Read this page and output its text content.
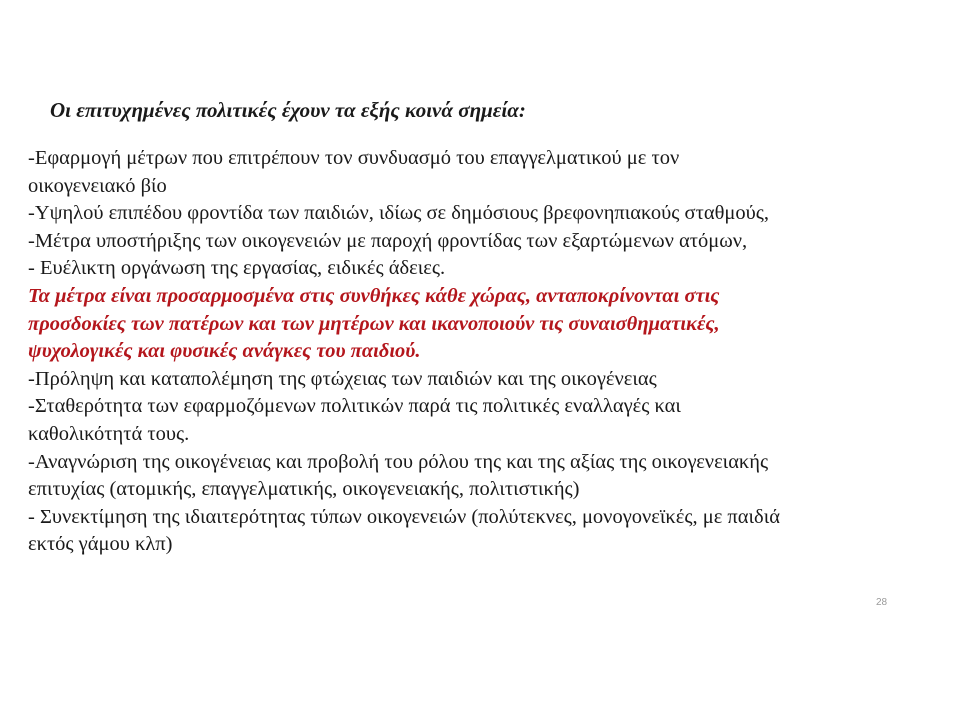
Οι επιτυχημένες πολιτικές έχουν τα εξής κοινά σημεία:
-Εφαρμογή μέτρων που επιτρέπουν τον συνδυασμό του επαγγελματικού με τον
οικογενειακό βίο
-Υψηλού επιπέδου φροντίδα των παιδιών, ιδίως σε δημόσιους βρεφονηπιακούς σταθμούς,
-Μέτρα υποστήριξης των οικογενειών με παροχή φροντίδας των εξαρτώμενων ατόμων,
- Ευέλικτη οργάνωση της εργασίας, ειδικές άδειες.
Τα μέτρα είναι προσαρμοσμένα στις συνθήκες κάθε χώρας, ανταποκρίνονται στις
προσδοκίες των πατέρων και των μητέρων και ικανοποιούν τις συναισθηματικές,
ψυχολογικές και φυσικές ανάγκες του παιδιού.
-Πρόληψη και καταπολέμηση της φτώχειας των παιδιών και της οικογένειας
-Σταθερότητα των εφαρμοζόμενων πολιτικών παρά τις πολιτικές εναλλαγές και
καθολικότητά τους.
-Αναγνώριση της οικογένειας και προβολή του ρόλου της και της αξίας της οικογενειακής
επιτυχίας (ατομικής, επαγγελματικής, οικογενειακής, πολιτιστικής)
- Συνεκτίμηση της ιδιαιτερότητας τύπων οικογενειών (πολύτεκνες, μονογονεϊκές, με παιδιά
εκτός γάμου κλπ)
28
